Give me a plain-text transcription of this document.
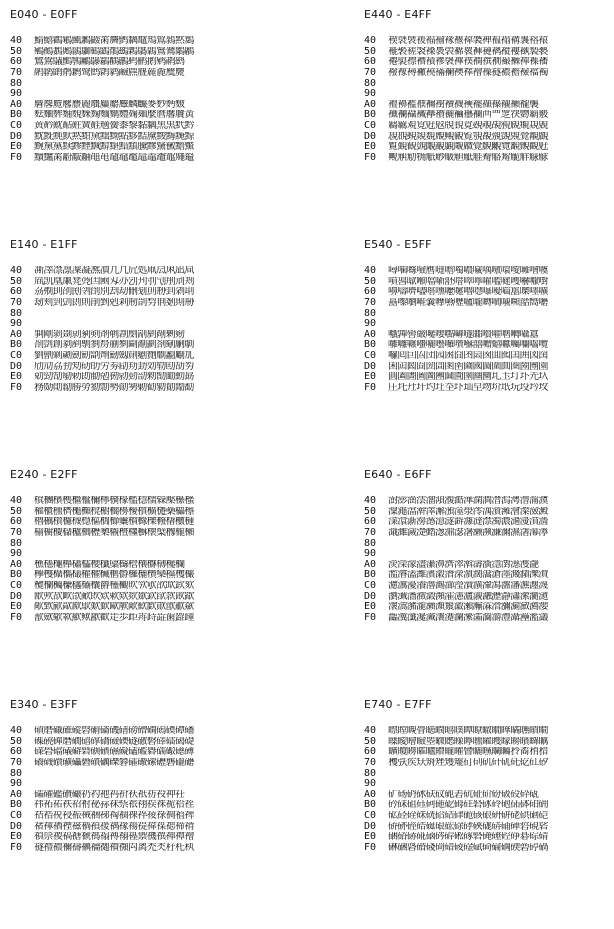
E040 - E0FF
40	鰖鱚鸛鵴鯴鶼鼹黹麡鹯黐鼊鳺鶭鷋黙鶢
50	鵷鵺鶈鶊鶲鶳鶴鶹鶺鷀鷅鷌鷍鷖鷟鷮鷵
60	鷺鷽鸃鸇鸋鸍鸔鸘鸜鸝鹀鹂鹅鹓鹔鹚
70	鹝鹟鹠鹡鹣鹥鹧鹮鹲鹼麃麆麉麊麌麍
80
90
A0	麏麐麑麔麖麗麛麜麝麞麟麣麥麨麪麬
B0	麮麯麰麱麲麳麴麵麶麷麹麺麼麿黁黂黃
C0	黄黅黆黇黈黉黊黋黌黍黎黏黐黑黒黓黔
D0	黕黖黗默黙黚黛黜黝點黟黠黡黢黣黤黥
E0	黦黧黨黩黪黫黬黭黮黯黰黱黲黳黴黵黶
F0	黷黸黹黺黻黼黽黾黿鼀鼁鼂鼃鼄鼅鼆鼇
E140 - E1FF
40	凘凙凚凛凜凝凞凟凢凣凥処凧凨凩凪凬
50	凮凯凰凲凳凴凷凾刄刅刉刋刌刏刐刓刔
60	刕刜刞刟刡刢刣別刦刧刪刬刯刱刲刴刵
70	刼刾剄剅剆則剈剉剋剎剏剒剓剕剗剘剙
80
90
A0	剚剛剝剟剠剢剣剤剦剨剫剬剭剮剰剱
B0	剳剴創剶剷剸剹剺剻剼剾劀劃劄劅劆劇
C0	劉劊劋劌劍劎劏劑劒劔劕劖劗劘劙劚劜
D0	劤劥劦劧劮劯劰労劵劶劷劸効劺劻劼劽
E0	勀勁勂勄勅勆勈勊勌勍勎勏勑勓勔動勗
F0	務勚勛勜勝勞勠勡勢勣勥勦勧勨勩勪勫
E240 - E2FF
40	檱檲檳檴檵檶檷檸檹檺檻檼檽檾檿櫀櫁
50	櫂櫃櫄櫅櫆櫇櫈櫉櫊櫋櫌櫍櫎櫏櫐櫑櫒
60	櫓櫔櫕櫖櫗櫘櫙櫚櫛櫜櫝櫞櫟櫠櫡櫢櫣
70	櫤櫥櫦櫧櫨櫩櫪櫫櫬櫭櫮櫯櫰櫱櫲櫳櫴
80
90
A0	櫵櫶櫷櫸櫹櫺櫻櫼櫽櫾櫿欀欁欂欃欄
B0	欅欆欇欈欉權欋欌欍欎欏欐欑欒欓欔欕
C0	欖欗欘欙欚欛欜欝欞欟欥欦欨欩欪欫欬
D0	欭欮欯欰欱欳欴欵欶欸欻欼欽欿歀歁歂
E0	歄歅歈歊歋歍歎歏歐歑歒歓歔歕歖歗歘
F0	歚歛歜歝歞歟歠歡歨歩歫歬歭歮歯歰歱
E340 - E3FF
40	磧磨磩磪磫磬磭磮磯磰磱磳磵磶磸磹磻
50	磼磽磾磿礀礂礃礄礆礇礈礉礊礋礌礍礎
60	礏礐礑礒礔礕礖礗礘礙礚礛礜礝礟礠礡
70	礢礣礥礦礧礨礩礪礫礬礭礮礯礰礱礲礳
80
90
A0	礵礶礷礸礹礽礿祂祃祄祅祇祊祋祌祍
B0	祎祏祐祑祒祔祕祘祙祡祣祤祦祩祪祫祬
C0	祮祰祱祲祳祴祵祶祹祻祼祽祾祿禂禃禆
D0	禇禈禉禋禌禍禎禐禑禒禓禔禕禖禗禘禙
E0	禛禜禝禞禟禠禡禢禣禤禥禦禨禩禪禫禬
F0	禭禮禯禰禱禲禴禵禶禷禸禼禿秂秄秅秇
E440 - E4FF
40	褉褎褏褑褔褕褖褗褘褜褝褞褟褠褢褣褤
50	褦褧褨褩褬褭褮褯褱褲褳褵褷褸褹褺褻
60	褼褽褾褿襀襂襃襅襆襇襈襉襊襋襌襍襎
70	襏襐襑襒襓襔襕襖襗襘襙襚襛襜襝襠襡
80
90
A0	襢襣襤襥襧襨襩襪襫襬襭襮襯襰襱襲
B0	襳襴襵襶襷襸襹襺襼襽襾覀覂覄覅覇覈
C0	覉覊覌覍覎覐覑覒覔覕覗覘覙覛覜覝覞
D0	覟覠覡覢覣覤覥覦覧覨覩覫覬覭覮覯覰
E0	覱覲観覴覵覶覷覸覹覺覻覼覽覾覿觀觃
F0	觍觓觔觕觗觘觙觛觝觟觠觡觢觤觧觨觩
E540 - E5FF
40	噚噛噝噞噟噠噡噣噥噦噧噭噮噯噰噲噳
50	噴噵噷噸噹噺噽噾噿嚀嚁嚂嚃嚄嚇嚈嚉
60	嚊嚋嚌嚍嚐嚑嚒嚔嚕嚖嚗嚘嚙嚚嚛嚜嚝
70	嚞嚟嚠嚡嚢嚤嚥嚦嚧嚨嚩嚪嚫嚬嚭嚮嚰
80
90
A0	嚱嚲嚳嚴嚵嚶嚸嚹嚺嚻嚽嚾嚿囀囁囂
B0	囃囄囅囆囇囈囉囋囌囍囎囏囐囑囒囓囕
C0	囖囘囙囜団囥囦囧囨囩囪囬囮囯囲図囶
D0	囷囸囻囼圀圁圂圅圇國圌圍圎圏圐圑園
E0	圓圔圕圖圗團圙圚圛圝圞圠圡圢圤圥圦
F0	圧圫圱圲圴圵圶圷圸圼圽圿坁坃坄坅坆
E640 - E6FF
40	澍澎澏澐澑澒澓澔澕澖澗澘澙澚澛澝澞
50	澟澠澢澣澤澥澦澨澩澪澫澬澭澮澯澰澱
60	澲澴澵澷澸澺澻澼澽澾澿濁濃濄濅濆濇
70	濈濉濊濋濌濍濎濏濐濑濒濓濔濕濖濗濘
80
90
A0	濙濚濛濜濝濞濟濢濣濤濥濦濧濨濩濪
B0	濫濬濭濰濱濲濳濴濵濶濷濸濹濺濻濼濽
C0	濾濿瀀瀁瀂瀃瀄瀅瀆瀇瀈瀉瀊瀋瀌瀍瀎
D0	瀏瀐瀒瀓瀔瀕瀖瀗瀘瀙瀜瀝瀞瀟瀠瀡瀢
E0	瀤瀥瀦瀧瀨瀩瀪瀫瀬瀭瀮瀯瀰瀱瀲瀳瀴
F0	瀶瀷瀸瀺瀻瀼瀽瀾瀿灀灁灂灃灄灅灆灇
E740 - E7FF
40	瞟瞠瞡瞢瞣瞤瞦瞨瞫瞭瞮瞯瞱瞲瞴瞶瞷
50	瞸瞹瞺瞼瞾矀矁矂矃矄矅矆矇矈矉矊矋
60	矌矎矏矐矑矒矓矔矕矖矘矙矚矝矞矟矠
70	矡矤矦矨矪矬矱矲矴矵矶矸矹矺矻矼矽
80
90
A0	矿砀砃砅砆砇砈砉砊砋砎砏砐砓砕砙
B0	砛砞砠砡砢砤砨砪砫砮砯砱砲砳砵砶砽
C0	砿硁硂硃硄硆硈硉硊硋硍硏硑硓硔硘硙
D0	硚硛硜硞硟硠硡硢硣硤硥硦硧硨硩硯硰
E0	硱硲硳硴硵硶硸硹硺硻硽硾硿碀碁碂碃
F0	碄碅碆碈碊碋碏碐碒碔碕碖碙碝碞碠碢
